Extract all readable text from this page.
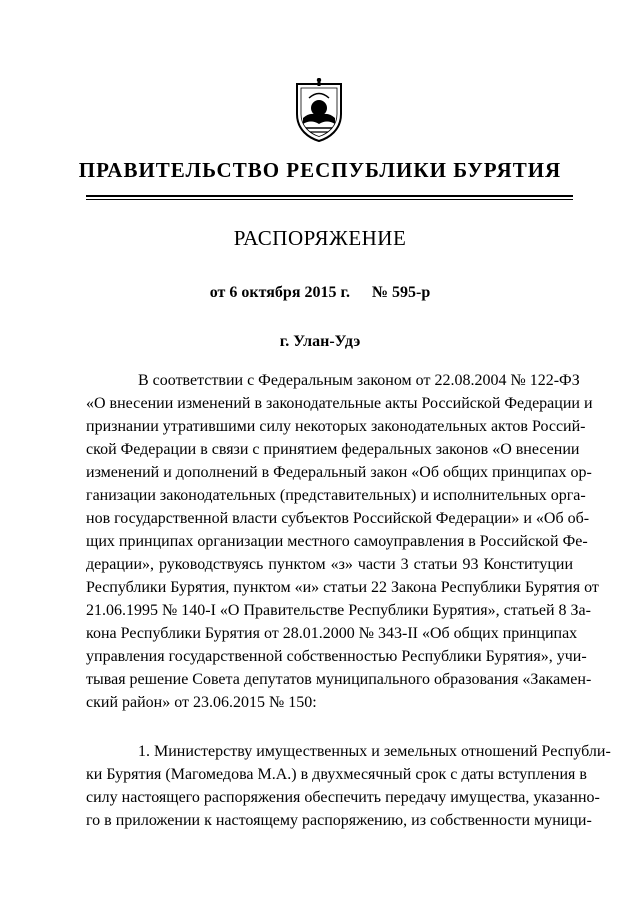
ПРАВИТЕЛЬСТВО РЕСПУБЛИКИ БУРЯТИЯ
РАСПОРЯЖЕНИЕ
от 6 октября 2015 г. № 595-р
г. Улан-Удэ
В соответствии с Федеральным законом от 22.08.2004 № 122-ФЗ
«О внесении изменений в законодательные акты Российской Федерации и
признании утратившими силу некоторых законодательных актов Россий-
ской Федерации в связи с принятием федеральных законов «О внесении
изменений и дополнений в Федеральный закон «Об общих принципах ор-
ганизации законодательных (представительных) и исполнительных орга-
нов государственной власти субъектов Российской Федерации» и «Об об-
щих принципах организации местного самоуправления в Российской Фе-
дерации», руководствуясь пунктом «з» части 3 статьи 93 Конституции
Республики Бурятия, пунктом «и» статьи 22 Закона Республики Бурятия от
21.06.1995 № 140-I «О Правительстве Республики Бурятия», статьей 8 За-
кона Республики Бурятия от 28.01.2000 № 343-II «Об общих принципах
управления государственной собственностью Республики Бурятия», учи-
тывая решение Совета депутатов муниципального образования «Закамен-
ский район» от 23.06.2015 № 150:
1. Министерству имущественных и земельных отношений Республи-
ки Бурятия (Магомедова М.А.) в двухмесячный срок с даты вступления в
силу настоящего распоряжения обеспечить передачу имущества, указанно-
го в приложении к настоящему распоряжению, из собственности муници-
